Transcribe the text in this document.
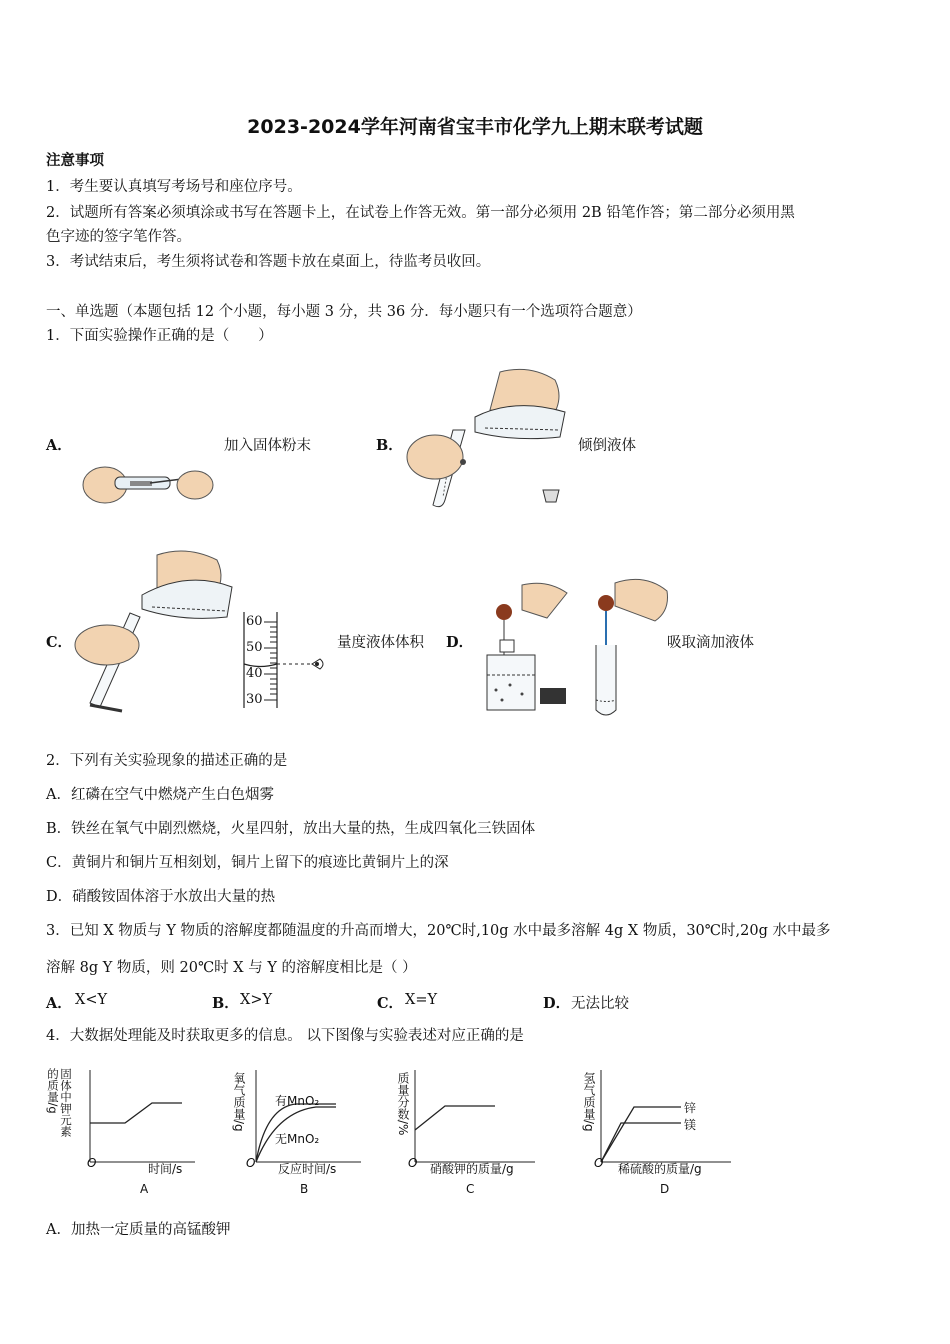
2023-2024学年河南省宝丰市化学九上期末联考试题
注意事项
1．考生要认真填写考场号和座位序号。
2．试题所有答案必须填涂或书写在答题卡上，在试卷上作答无效。第一部分必须用 2B 铅笔作答；第二部分必须用黑
色字迹的签字笔作答。
3．考试结束后，考生须将试卷和答题卡放在桌面上，待监考员收回。
一、单选题（本题包括 12 个小题，每小题 3 分，共 36 分．每小题只有一个选项符合题意）
1．下面实验操作正确的是（　　）
A．	加入固体粉末	B．	倾倒液体
C．
60
50
40
30
量度液体体积 D．	吸取滴加液体
2．下列有关实验现象的描述正确的是
A．红磷在空气中燃烧产生白色烟雾
B．铁丝在氧气中剧烈燃烧，火星四射，放出大量的热，生成四氧化三铁固体
C．黄铜片和铜片互相刻划，铜片上留下的痕迹比黄铜片上的深
D．硝酸铵固体溶于水放出大量的热
3．已知 X 物质与 Y 物质的溶解度都随温度的升高而增大，20℃时,10g 水中最多溶解 4g X 物质，30℃时,20g 水中最多
溶解 8g Y 物质，则 20℃时 X 与 Y 的溶解度相比是（ ）
A． X<Y	B． X>Y	C． X=Y	D． 无法比较
4．大数据处理能及时获取更多的信息。 以下图像与实验表述对应正确的是
固体中钾元素的质量/g
O	时间/s
A
氧气质量/g 有MnO₂
无MnO₂
O 反应时间/s
B
质量分数/%
O 硝酸钾的质量/g
C
氢气质量/g	锌
镁
O 稀硫酸的质量/g
D
A．加热一定质量的高锰酸钾
